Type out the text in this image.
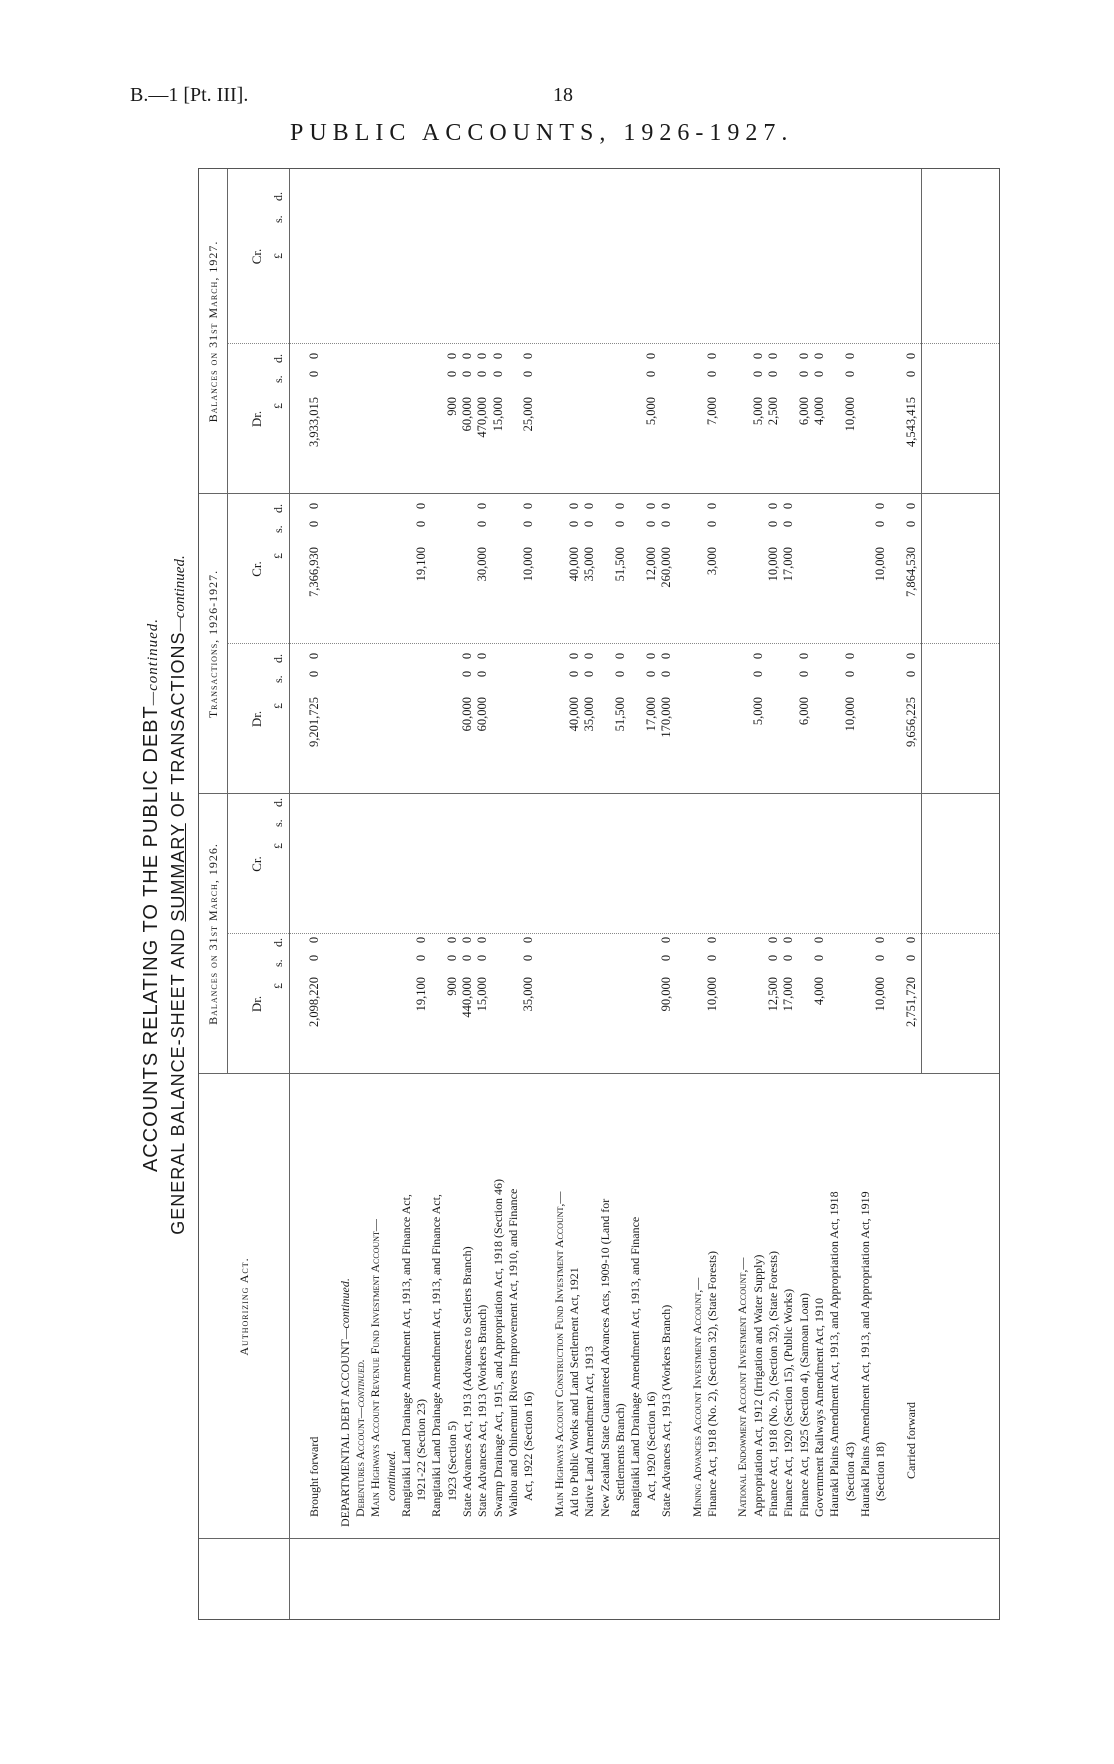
B.—1 [Pt. III].	18
PUBLIC ACCOUNTS, 1926-1927.
ACCOUNTS RELATING TO THE PUBLIC DEBT—continued.
GENERAL BALANCE-SHEET AND SUMMARY OF TRANSACTIONS—continued.
Authorizing Act.
Balances on 31st March, 1926.
Transactions, 1926-1927.
Balances on 31st March, 1927.
Dr.
Cr.
Dr.
Cr.
Dr.
Cr.
Brought forward
2,098,220
0
0
9,201,725
0
0
7,366,930
0
0
3,933,015
0
0
DEPARTMENTAL DEBT ACCOUNT—continued.
Debentures Account—continued. Main Highways Account Revenue Fund Investment Account— continued. Rangitaiki Land Drainage Amendment Act, 1913, and Finance Act, 1921-22 (Section 23)
19,100
0
0
19,100
0
0
Rangitaiki Land Drainage Amendment Act, 1913, and Finance Act, 1923 (Section 5)
900
0
0
900
0
0
State Advances Act, 1913 (Advances to Settlers Branch)
440,000
0
0
60,000
0
0
60,000
0
0
State Advances Act, 1913 (Workers Branch)
15,000
0
0
60,000
0
0
30,000
0
0
470,000
0
0
Swamp Drainage Act, 1915, and Appropriation Act, 1918 (Section 46)
15,000
0
0
Waihou and Ohinemuri Rivers Improvement Act, 1910, and Finance Act, 1922 (Section 16)
35,000
0
0
10,000
0
0
25,000
0
0
Main Highways Account Construction Fund Investment Account,— Aid to Public Works and Land Settlement Act, 1921
40,000
0
0
40,000
0
0
Native Land Amendment Act, 1913
35,000
0
0
35,000
0
0
New Zealand State Guaranteed Advances Acts, 1909-10 (Land for Settlements Branch)
51,500
0
0
51,500
0
0
Rangitaiki Land Drainage Amendment Act, 1913, and Finance Act, 1920 (Section 16)
17,000
0
0
12,000
0
0
5,000
0
0
State Advances Act, 1913 (Workers Branch)
90,000
0
0
170,000
0
0
260,000
0
0
Mining Advances Account Investment Account,— Finance Act, 1918 (No. 2), (Section 32), (State Forests)
10,000
0
0
3,000
0
0
7,000
0
0
National Endowment Account Investment Account,— Appropriation Act, 1912 (Irrigation and Water Supply)
5,000
0
0
5,000
0
0
Finance Act, 1918 (No. 2), (Section 32), (State Forests)
12,500
0
0
10,000
0
0
2,500
0
0
Finance Act, 1920 (Section 15), (Public Works)
17,000
0
0
17,000
0
0
Finance Act, 1925 (Section 4), (Samoan Loan)
6,000
0
0
6,000
0
0
Government Railways Amendment Act, 1910
4,000
0
0
4,000
0
0
Hauraki Plains Amendment Act, 1913, and Appropriation Act, 1918 (Section 43)
10,000
0
0
10,000
0
0
Hauraki Plains Amendment Act, 1913, and Appropriation Act, 1919 (Section 18)
10,000
0
0
10,000
0
0
Carried forward
2,751,720
0
0
9,656,225
0
0
7,864,530
0
0
4,543,415
0
0
£
s.
d.
£
s.
d.
£
s.
d.
£
s.
d.
£
s.
d.
£
s.
d.
